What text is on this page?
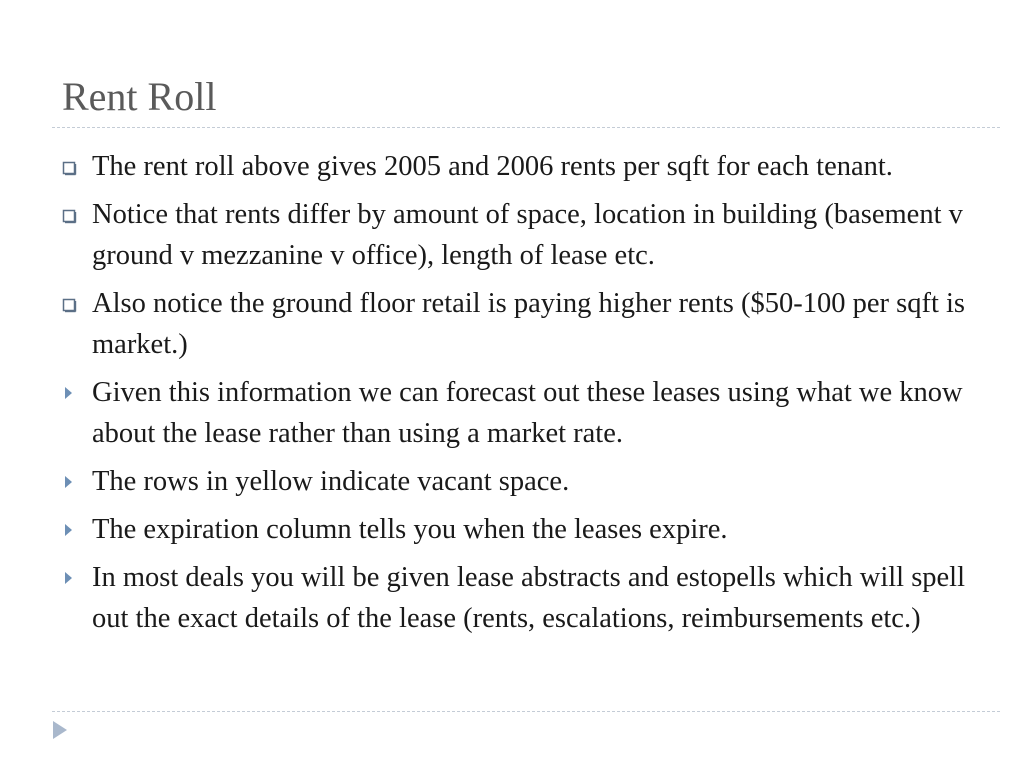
Rent Roll
The rent roll above gives 2005 and 2006 rents per sqft for each tenant.
Notice that rents differ by amount of space, location in building (basement v ground v mezzanine v office), length of lease etc.
Also notice the ground floor retail is paying higher rents ($50-100 per sqft is market.)
Given this information we can forecast out these leases using what we know about the lease rather than using a market rate.
The rows in yellow indicate vacant space.
The expiration column tells you when the leases expire.
In most deals you will be given lease abstracts and estopells which will spell out the exact details of the lease (rents, escalations, reimbursements etc.)
